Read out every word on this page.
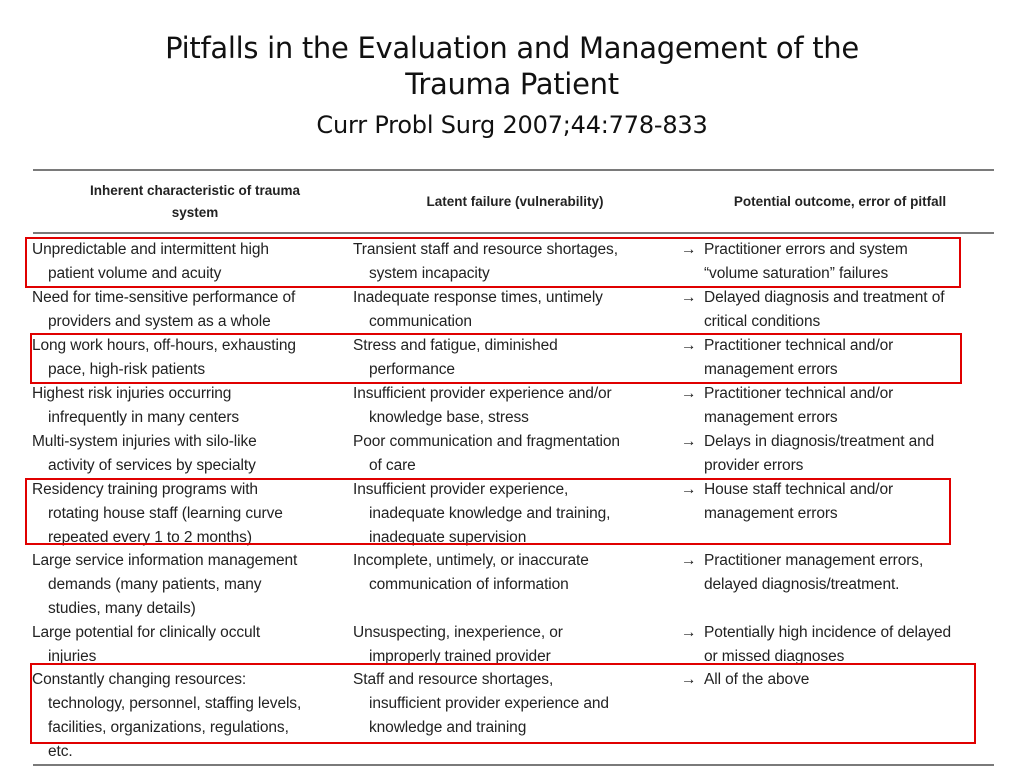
Pitfalls in the Evaluation and Management of the
Trauma Patient
Curr Probl Surg 2007;44:778-833
Inherent characteristic of trauma
system
Latent failure (vulnerability)	Potential outcome, error of pitfall
Unpredictable and intermittent high
patient volume and acuity
Transient staff and resource shortages,
system incapacity
→ Practitioner errors and system
“volume saturation” failures
Need for time-sensitive performance of
providers and system as a whole
Inadequate response times, untimely
communication
→ Delayed diagnosis and treatment of
critical conditions
Long work hours, off-hours, exhausting
pace, high-risk patients
Stress and fatigue, diminished
performance
→ Practitioner technical and/or
management errors
Highest risk injuries occurring
infrequently in many centers
Insufficient provider experience and/or
knowledge base, stress
→ Practitioner technical and/or
management errors
Multi-system injuries with silo-like
activity of services by specialty
Poor communication and fragmentation
of care
→ Delays in diagnosis/treatment and
provider errors
Residency training programs with
rotating house staff (learning curve
repeated every 1 to 2 months)
Insufficient provider experience,
inadequate knowledge and training,
inadequate supervision
→ House staff technical and/or
management errors
Large service information management
demands (many patients, many
studies, many details)
Incomplete, untimely, or inaccurate
communication of information
→ Practitioner management errors,
delayed diagnosis/treatment.
Large potential for clinically occult
injuries
Unsuspecting, inexperience, or
improperly trained provider
→ Potentially high incidence of delayed
or missed diagnoses
Constantly changing resources:
technology, personnel, staffing levels,
facilities, organizations, regulations,
etc.
Staff and resource shortages,
insufficient provider experience and
knowledge and training
→ All of the above
